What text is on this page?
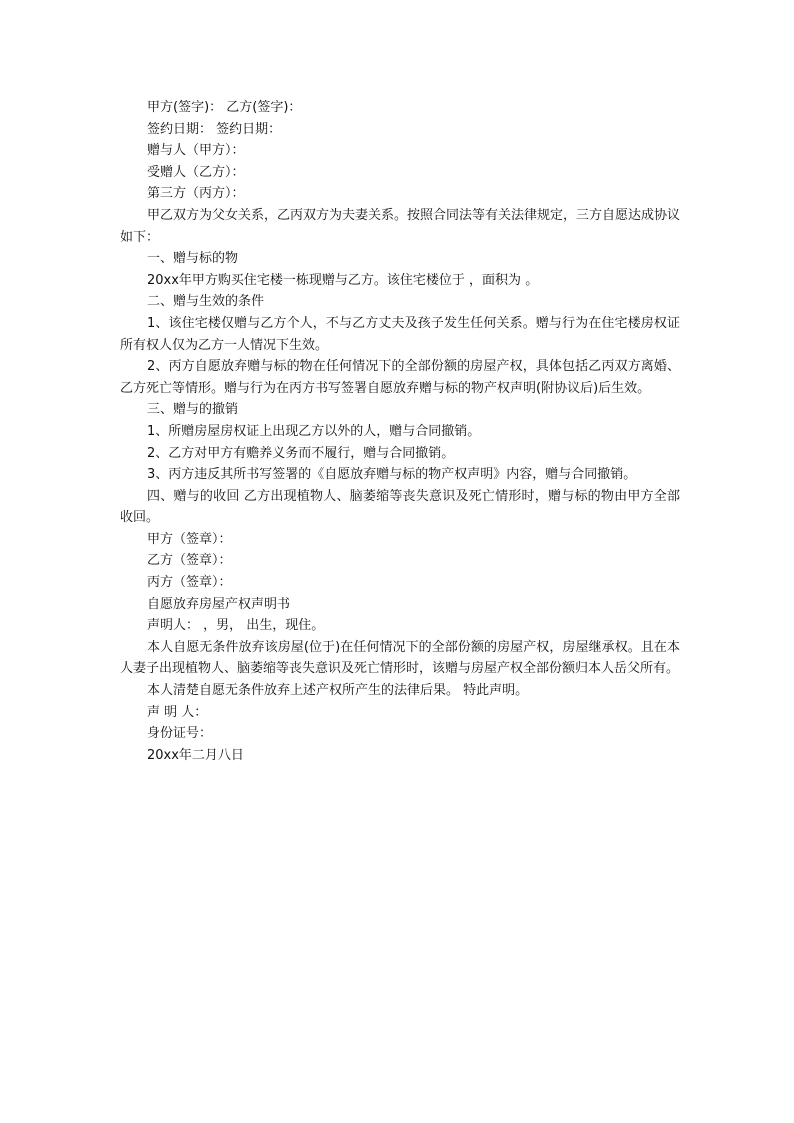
甲方(签字)： 乙方(签字)：

签约日期： 签约日期：

赠与人（甲方）：

受赠人（乙方）：

第三方（丙方）：

甲乙双方为父女关系，乙丙双方为夫妻关系。按照合同法等有关法律规定，三方自愿达成协议如下：

一、赠与标的物

20xx年甲方购买住宅楼一栋现赠与乙方。该住宅楼位于 ，面积为 。

二、赠与生效的条件

1、该住宅楼仅赠与乙方个人，不与乙方丈夫及孩子发生任何关系。赠与行为在住宅楼房权证所有权人仅为乙方一人情况下生效。

2、丙方自愿放弃赠与标的物在任何情况下的全部份额的房屋产权，具体包括乙丙双方离婚、乙方死亡等情形。赠与行为在丙方书写签署自愿放弃赠与标的物产权声明(附协议后)后生效。

三、赠与的撤销

1、所赠房屋房权证上出现乙方以外的人，赠与合同撤销。

2、乙方对甲方有赡养义务而不履行，赠与合同撤销。

3、丙方违反其所书写签署的《自愿放弃赠与标的物产权声明》内容，赠与合同撤销。

四、赠与的收回 乙方出现植物人、脑萎缩等丧失意识及死亡情形时，赠与标的物由甲方全部收回。

甲方（签章）：

乙方（签章）：

丙方（签章）：

自愿放弃房屋产权声明书

声明人： ，男， 出生，现住。

本人自愿无条件放弃该房屋(位于)在任何情况下的全部份额的房屋产权，房屋继承权。且在本人妻子出现植物人、脑萎缩等丧失意识及死亡情形时，该赠与房屋产权全部份额归本人岳父所有。

本人清楚自愿无条件放弃上述产权所产生的法律后果。 特此声明。

声 明 人：

身份证号：

20xx年二月八日
